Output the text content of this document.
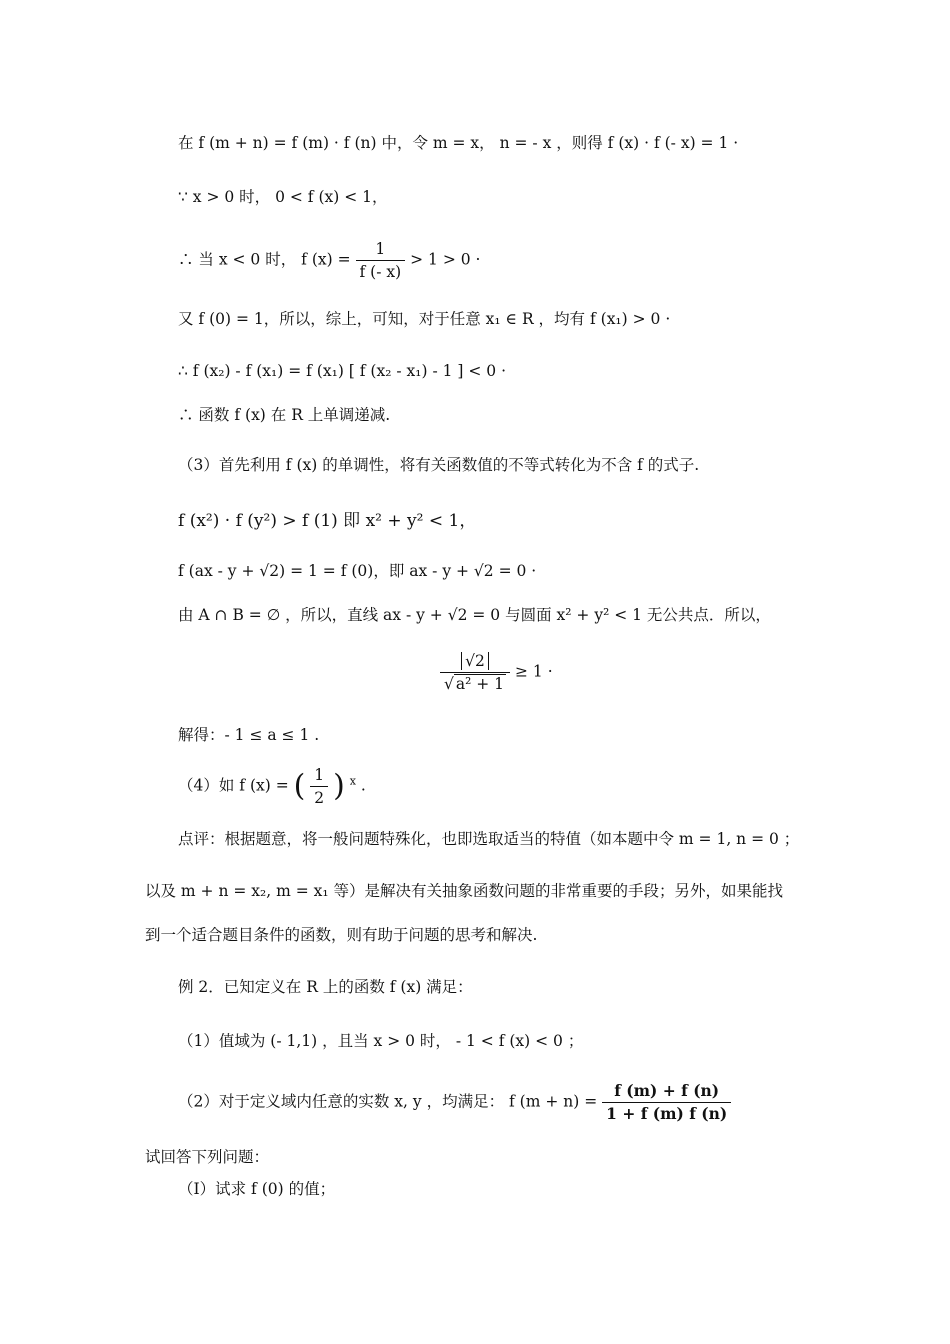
在 f (m + n) = f (m) · f (n) 中，令 m = x， n = - x ，则得 f (x) · f (- x) = 1 ·
∵ x > 0 时， 0 < f (x) < 1，
∴ 当 x < 0 时， f $(x) = \frac{1}{f (- x)} > 1 > 0$ ·
又 f (0) = 1，所以，综上，可知，对于任意 x₁ ∈ R ，均有 f (x₁) > 0 ·
∴ f (x₂) - f (x₁) = f (x₁) [ f (x₂ - x₁) - 1 ] < 0 ·
∴ 函数 f (x) 在 R 上单调递减.
（3）首先利用 f (x) 的单调性，将有关函数值的不等式转化为不含 f 的式子.
f (x²) · f (y²) > f (1) 即 x² + y² < 1，
f (ax - y + √2) = 1 = f (0)，即 ax - y + √2 = 0 ·
由 A ∩ B = ∅ ，所以，直线 ax - y + √2 = 0 与圆面 x² + y² < 1 无公共点．所以，
$\frac{√2}{\text{√ a² + 1}} \ge 1$ ·
解得：- 1 ≤ a ≤ 1 .
（4）如 f (x) = ( $\frac{1}{2}$ ) $^x$ .
点评：根据题意，将一般问题特殊化，也即选取适当的特值（如本题中令 m = 1, n = 0 ；
以及 m + n = x₂, m = x₁ 等）是解决有关抽象函数问题的非常重要的手段；另外，如果能找
到一个适合题目条件的函数，则有助于问题的思考和解决.
例 2．已知定义在 R 上的函数 f (x) 满足：
（1）值域为 (- 1,1) ，且当 x > 0 时， - 1 < f (x) < 0 ；
（2）对于定义域内任意的实数 x, y ，均满足： f $(m + n) = \frac{f (m) + f (n)}{1 + f (m) f (n)}$
试回答下列问题：
（Ⅰ）试求 f (0) 的值；
